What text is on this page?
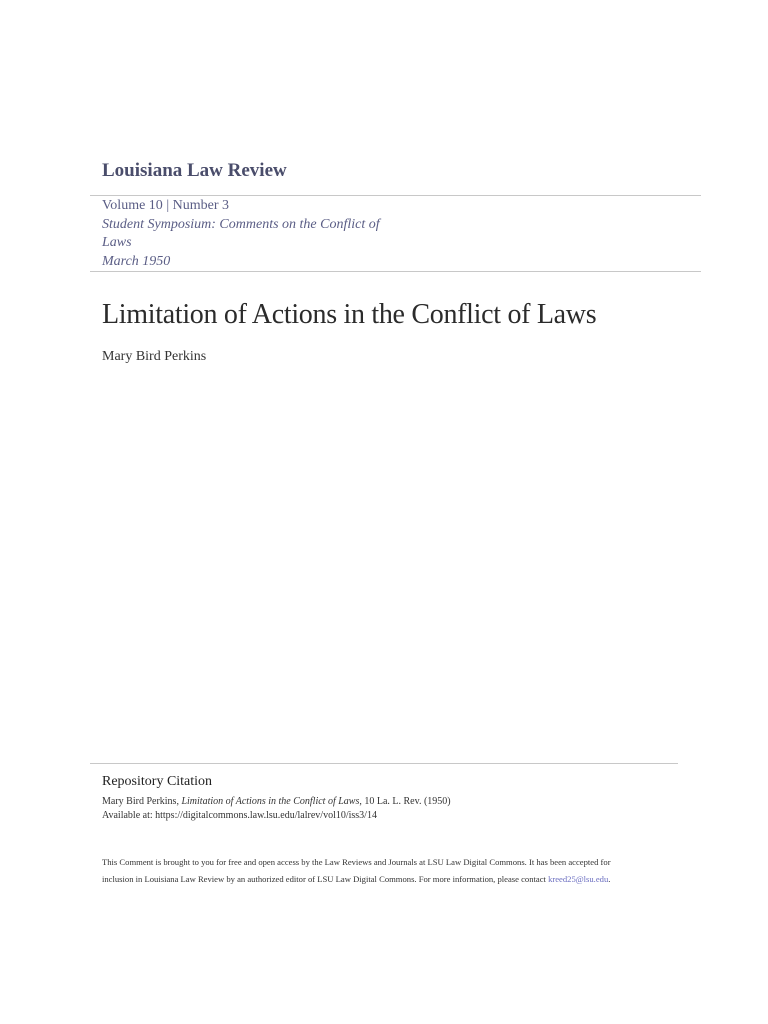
Louisiana Law Review
Volume 10 | Number 3
Student Symposium: Comments on the Conflict of
Laws
March 1950
Limitation of Actions in the Conflict of Laws
Mary Bird Perkins
Repository Citation
Mary Bird Perkins, Limitation of Actions in the Conflict of Laws, 10 La. L. Rev. (1950)
Available at: https://digitalcommons.law.lsu.edu/lalrev/vol10/iss3/14
This Comment is brought to you for free and open access by the Law Reviews and Journals at LSU Law Digital Commons. It has been accepted for
inclusion in Louisiana Law Review by an authorized editor of LSU Law Digital Commons. For more information, please contact kreed25@lsu.edu.
